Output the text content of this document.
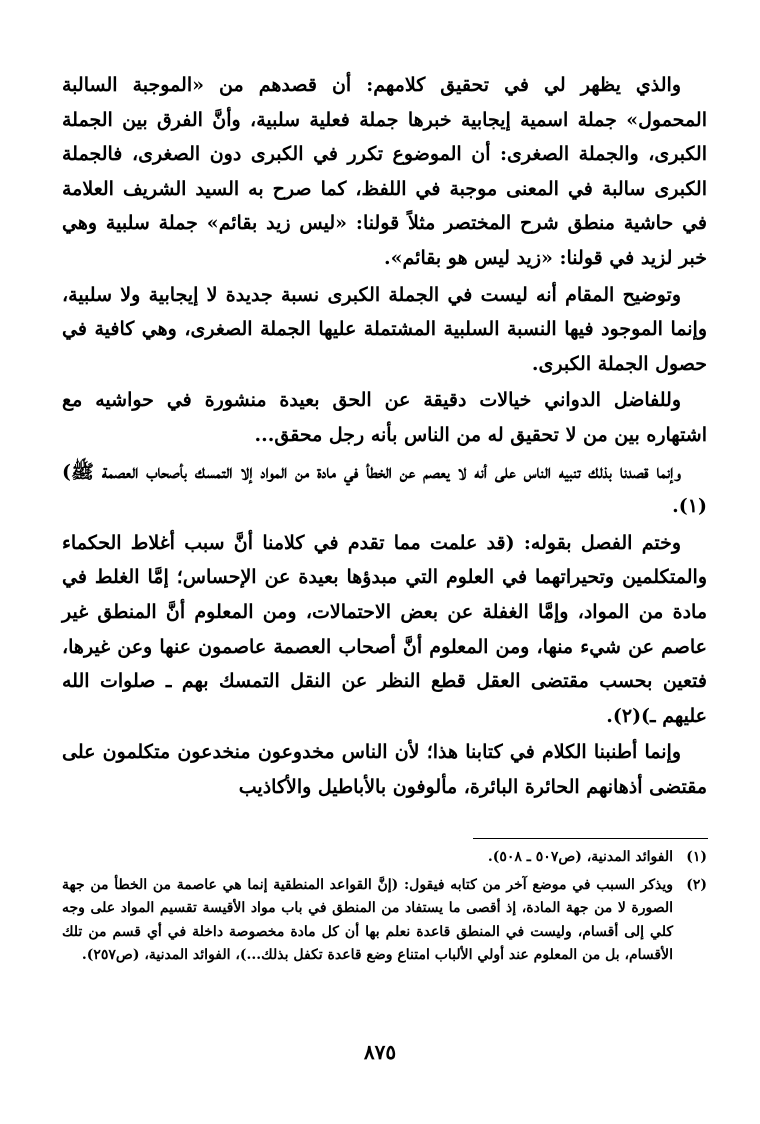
والذي يظهر لي في تحقيق كلامهم: أن قصدهم من «الموجبة السالبة المحمول» جملة اسمية إيجابية خبرها جملة فعلية سلبية، وأنَّ الفرق بين الجملة الكبرى، والجملة الصغرى: أن الموضوع تكرر في الكبرى دون الصغرى، فالجملة الكبرى سالبة في المعنى موجبة في اللفظ، كما صرح به السيد الشريف العلامة في حاشية منطق شرح المختصر مثلاً قولنا: «ليس زيد بقائم» جملة سلبية وهي خبر لزيد في قولنا: «زيد ليس هو بقائم».

وتوضيح المقام أنه ليست في الجملة الكبرى نسبة جديدة لا إيجابية ولا سلبية، وإنما الموجود فيها النسبة السلبية المشتملة عليها الجملة الصغرى، وهي كافية في حصول الجملة الكبرى.

وللفاضل الدواني خيالات دقيقة عن الحق بعيدة منشورة في حواشيه مع اشتهاره بين من لا تحقيق له من الناس بأنه رجل محقق...

وإنما قصدنا بذلك تنبيه الناس على أنه لا يعصم عن الخطأ في مادة من المواد إلا التمسك بأصحاب العصمة ﷺ)(١).

وختم الفصل بقوله: (قد علمت مما تقدم في كلامنا أنَّ سبب أغلاط الحكماء والمتكلمين وتحيراتهما في العلوم التي مبدؤها بعيدة عن الإحساس؛ إمَّا الغلط في مادة من المواد، وإمَّا الغفلة عن بعض الاحتمالات، ومن المعلوم أنَّ المنطق غير عاصم عن شيء منها، ومن المعلوم أنَّ أصحاب العصمة عاصمون عنها وعن غيرها، فتعين بحسب مقتضى العقل قطع النظر عن النقل التمسك بهم ـ صلوات الله عليهم ـ)(٢).

وإنما أطنبنا الكلام في كتابنا هذا؛ لأن الناس مخدوعون منخدعون متكلمون على مقتضى أذهانهم الحائرة البائرة، مألوفون بالأباطيل والأكاذيب

(١)
الفوائد المدنية، (ص٥٠٧ ـ ٥٠٨).
(٢)
ويذكر السبب في موضع آخر من كتابه فيقول: (إنَّ القواعد المنطقية إنما هي عاصمة من الخطأ من جهة الصورة لا من جهة المادة، إذ أقصى ما يستفاد من المنطق في باب مواد الأقيسة تقسيم المواد على وجه كلي إلى أقسام، وليست في المنطق قاعدة نعلم بها أن كل مادة مخصوصة داخلة في أي قسم من تلك الأقسام، بل من المعلوم عند أولي الألباب امتناع وضع قاعدة تكفل بذلك...)، الفوائد المدنية، (ص٢٥٧).
٨٧٥
